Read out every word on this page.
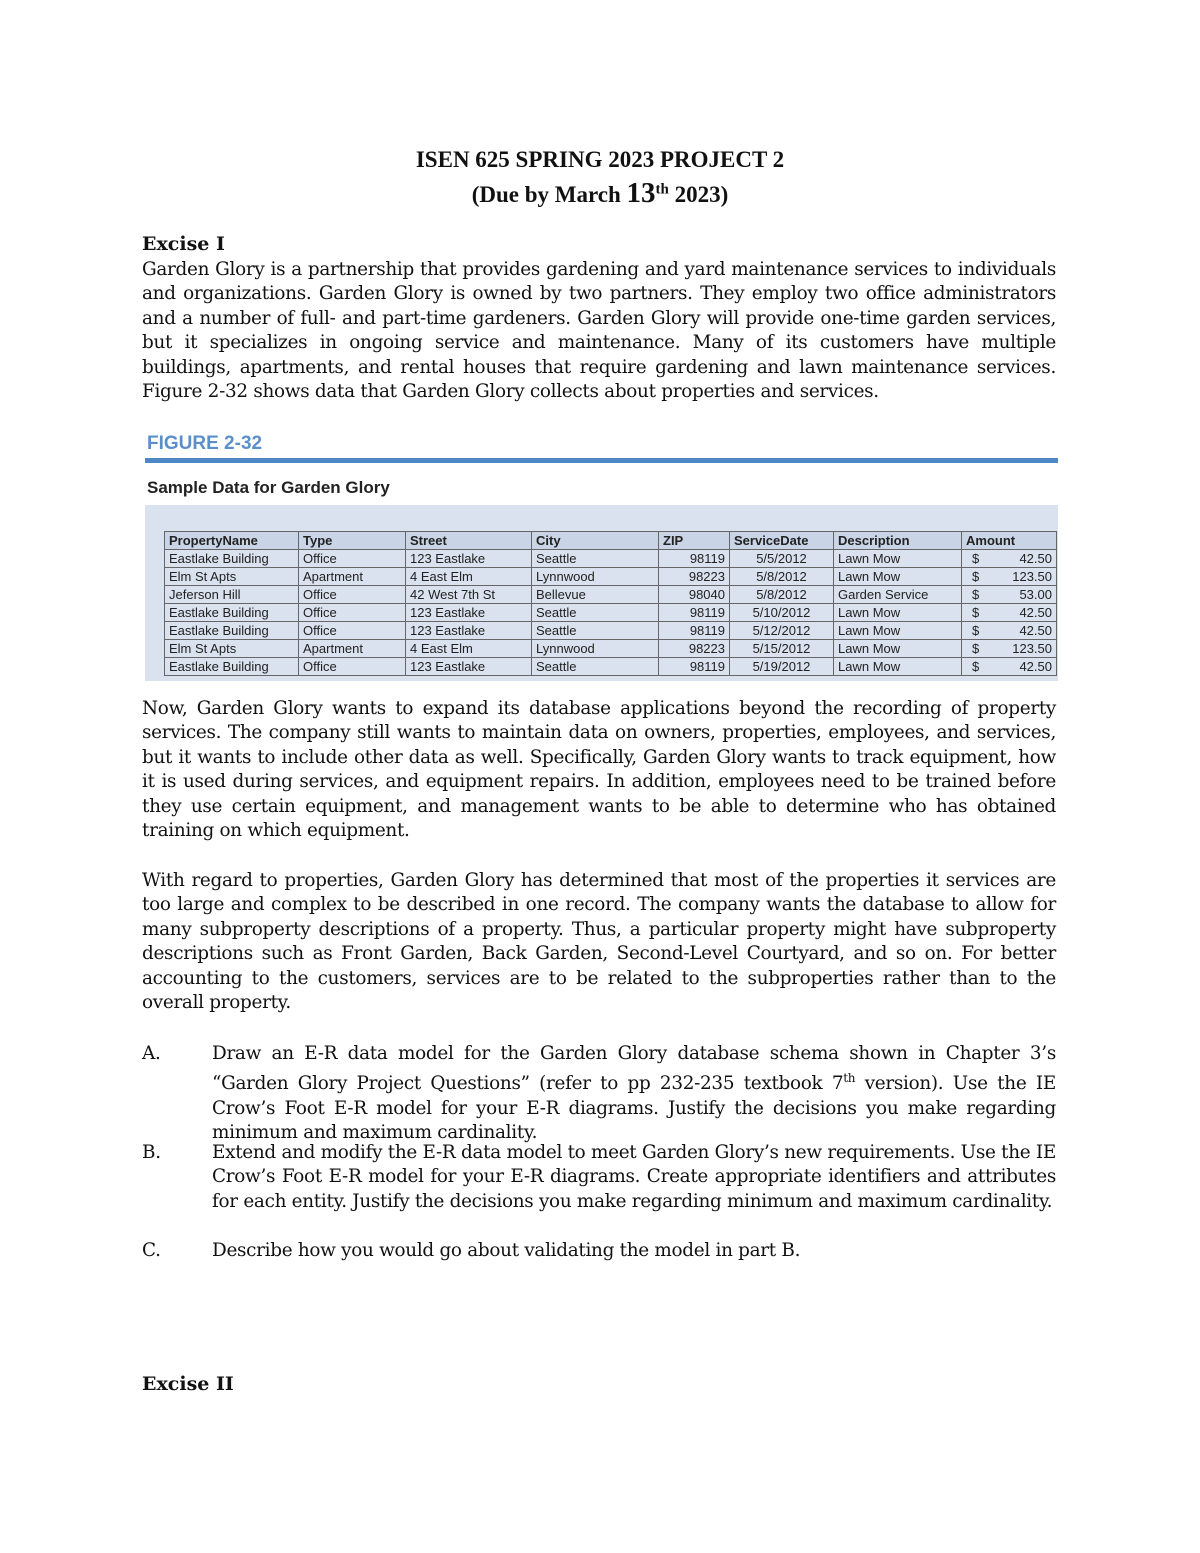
ISEN 625 SPRING 2023 PROJECT 2
(Due by March 13th 2023)
Excise I

Garden Glory is a partnership that provides gardening and yard maintenance services to individuals and organizations. Garden Glory is owned by two partners. They employ two office administrators and a number of full- and part-time gardeners. Garden Glory will provide one-time garden services, but it specializes in ongoing service and maintenance. Many of its customers have multiple buildings, apartments, and rental houses that require gardening and lawn maintenance services. Figure 2-32 shows data that Garden Glory collects about properties and services.

FIGURE 2-32
Sample Data for Garden Glory
PropertyName	Type	Street	City	ZIP	ServiceDate	Description	Amount
Eastlake Building	Office	123 Eastlake	Seattle	98119	5/5/2012	Lawn Mow	$ 42.50
Elm St Apts	Apartment	4 East Elm	Lynnwood	98223	5/8/2012	Lawn Mow	$ 123.50
Jeferson Hill	Office	42 West 7th St	Bellevue	98040	5/8/2012	Garden Service	$ 53.00
Eastlake Building	Office	123 Eastlake	Seattle	98119	5/10/2012	Lawn Mow	$ 42.50
Eastlake Building	Office	123 Eastlake	Seattle	98119	5/12/2012	Lawn Mow	$ 42.50
Elm St Apts	Apartment	4 East Elm	Lynnwood	98223	5/15/2012	Lawn Mow	$ 123.50
Eastlake Building	Office	123 Eastlake	Seattle	98119	5/19/2012	Lawn Mow	$ 42.50

Now, Garden Glory wants to expand its database applications beyond the recording of property services. The company still wants to maintain data on owners, properties, employees, and services, but it wants to include other data as well. Specifically, Garden Glory wants to track equipment, how it is used during services, and equipment repairs. In addition, employees need to be trained before they use certain equipment, and management wants to be able to determine who has obtained training on which equipment.

With regard to properties, Garden Glory has determined that most of the properties it services are too large and complex to be described in one record. The company wants the database to allow for many subproperty descriptions of a property. Thus, a particular property might have subproperty descriptions such as Front Garden, Back Garden, Second-Level Courtyard, and so on. For better accounting to the customers, services are to be related to the subproperties rather than to the overall property.

A.	Draw an E-R data model for the Garden Glory database schema shown in Chapter 3’s “Garden Glory Project Questions” (refer to pp 232-235 textbook 7th version). Use the IE Crow’s Foot E-R model for your E-R diagrams. Justify the decisions you make regarding minimum and maximum cardinality.
B.	Extend and modify the E-R data model to meet Garden Glory’s new requirements. Use the IE Crow’s Foot E-R model for your E-R diagrams. Create appropriate identifiers and attributes for each entity. Justify the decisions you make regarding minimum and maximum cardinality.
C.	Describe how you would go about validating the model in part B.
Excise II
